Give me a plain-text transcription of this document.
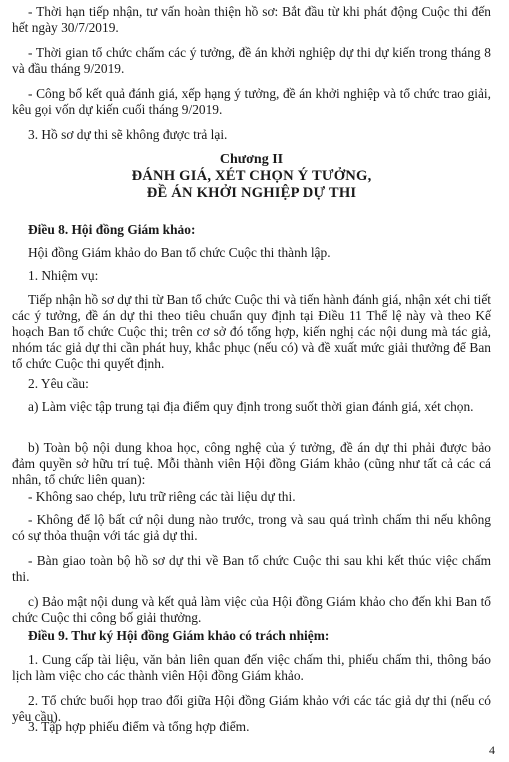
- Thời hạn tiếp nhận, tư vấn hoàn thiện hồ sơ: Bắt đầu từ khi phát động Cuộc thi đến hết ngày 30/7/2019.

- Thời gian tổ chức chấm các ý tưởng, đề án khởi nghiệp dự thi dự kiến trong tháng 8 và đầu tháng 9/2019.

- Công bố kết quả đánh giá, xếp hạng ý tưởng, đề án khởi nghiệp và tổ chức trao giải, kêu gọi vốn dự kiến cuối tháng 9/2019.

3. Hồ sơ dự thi sẽ không được trả lại.

Chương II
ĐÁNH GIÁ, XÉT CHỌN Ý TƯỞNG,
ĐỀ ÁN KHỞI NGHIỆP DỰ THI

Điều 8. Hội đồng Giám khảo:

Hội đồng Giám khảo do Ban tổ chức Cuộc thi thành lập.

1. Nhiệm vụ:

Tiếp nhận hồ sơ dự thi từ Ban tổ chức Cuộc thi và tiến hành đánh giá, nhận xét chi tiết các ý tưởng, đề án dự thi theo tiêu chuẩn quy định tại Điều 11 Thể lệ này và theo Kế hoạch Ban tổ chức Cuộc thi; trên cơ sở đó tổng hợp, kiến nghị các nội dung mà tác giả, nhóm tác giả dự thi cần phát huy, khắc phục (nếu có) và đề xuất mức giải thưởng để Ban tổ chức Cuộc thi quyết định.

2. Yêu cầu:

a) Làm việc tập trung tại địa điểm quy định trong suốt thời gian đánh giá, xét chọn.

b) Toàn bộ nội dung khoa học, công nghệ của ý tưởng, đề án dự thi phải được bảo đảm quyền sở hữu trí tuệ. Mỗi thành viên Hội đồng Giám khảo (cũng như tất cả các cá nhân, tổ chức liên quan):

- Không sao chép, lưu trữ riêng các tài liệu dự thi.

- Không để lộ bất cứ nội dung nào trước, trong và sau quá trình chấm thi nếu không có sự thỏa thuận với tác giả dự thi.

- Bàn giao toàn bộ hồ sơ dự thi về Ban tổ chức Cuộc thi sau khi kết thúc việc chấm thi.

c) Bảo mật nội dung và kết quả làm việc của Hội đồng Giám khảo cho đến khi Ban tổ chức Cuộc thi công bố giải thưởng.

Điều 9. Thư ký Hội đồng Giám khảo có trách nhiệm:

1. Cung cấp tài liệu, văn bản liên quan đến việc chấm thi, phiếu chấm thi, thông báo lịch làm việc cho các thành viên Hội đồng Giám khảo.

2. Tổ chức buổi họp trao đổi giữa Hội đồng Giám khảo với các tác giả dự thi (nếu có yêu cầu).

3. Tập hợp phiếu điểm và tổng hợp điểm.

4
